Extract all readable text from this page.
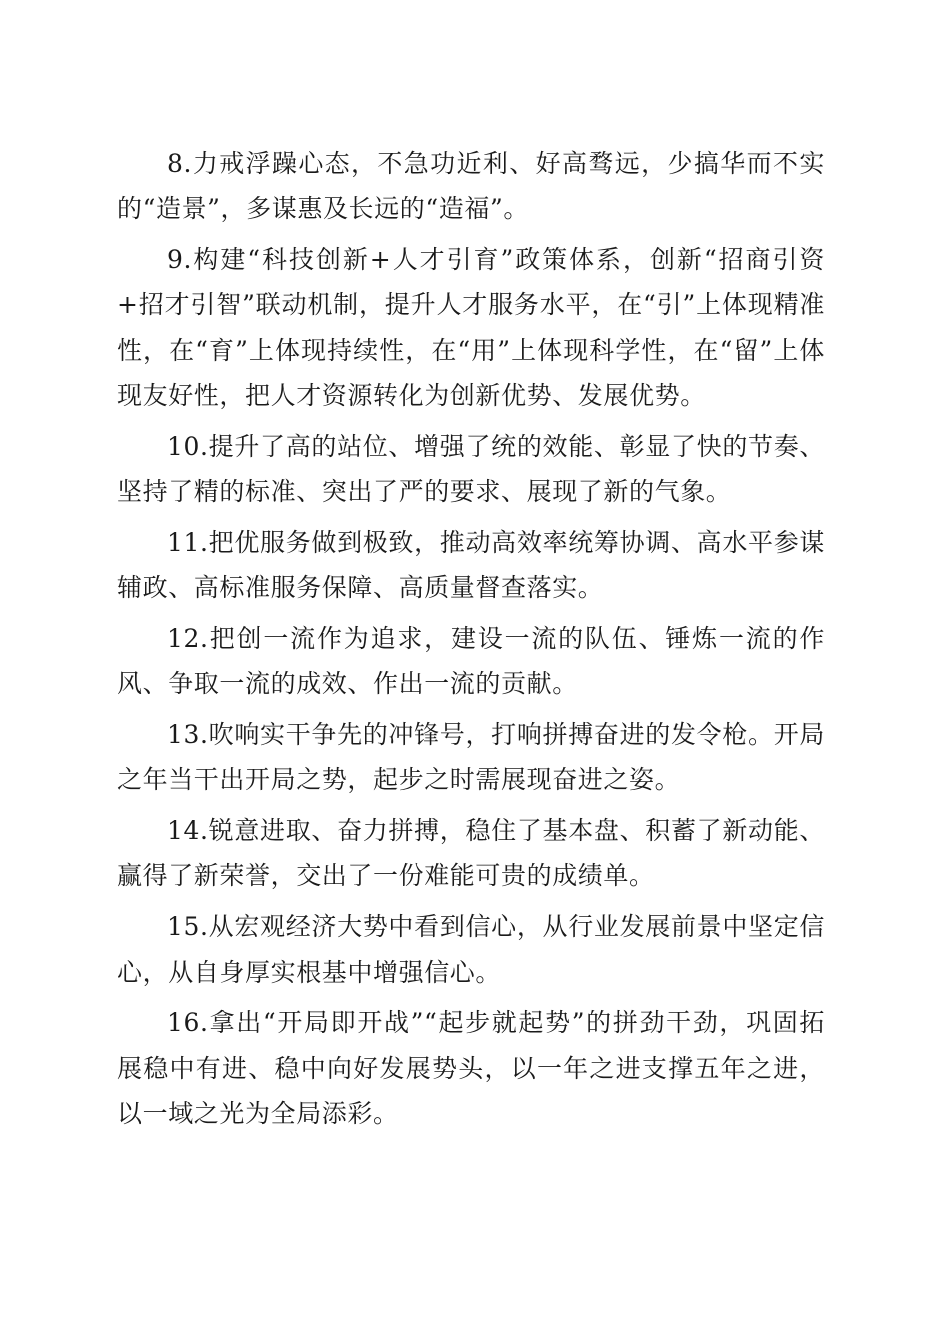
8.力戒浮躁心态，不急功近利、好高骛远，少搞华而不实的“造景”，多谋惠及长远的“造福”。

9.构建“科技创新+人才引育”政策体系，创新“招商引资+招才引智”联动机制，提升人才服务水平，在“引”上体现精准性，在“育”上体现持续性，在“用”上体现科学性，在“留”上体现友好性，把人才资源转化为创新优势、发展优势。

10.提升了高的站位、增强了统的效能、彰显了快的节奏、坚持了精的标准、突出了严的要求、展现了新的气象。

11.把优服务做到极致，推动高效率统筹协调、高水平参谋辅政、高标准服务保障、高质量督查落实。

12.把创一流作为追求，建设一流的队伍、锤炼一流的作风、争取一流的成效、作出一流的贡献。

13.吹响实干争先的冲锋号，打响拼搏奋进的发令枪。开局之年当干出开局之势，起步之时需展现奋进之姿。

14.锐意进取、奋力拼搏，稳住了基本盘、积蓄了新动能、赢得了新荣誉，交出了一份难能可贵的成绩单。

15.从宏观经济大势中看到信心，从行业发展前景中坚定信心，从自身厚实根基中增强信心。

16.拿出“开局即开战”“起步就起势”的拼劲干劲，巩固拓展稳中有进、稳中向好发展势头，以一年之进支撑五年之进，以一域之光为全局添彩。
